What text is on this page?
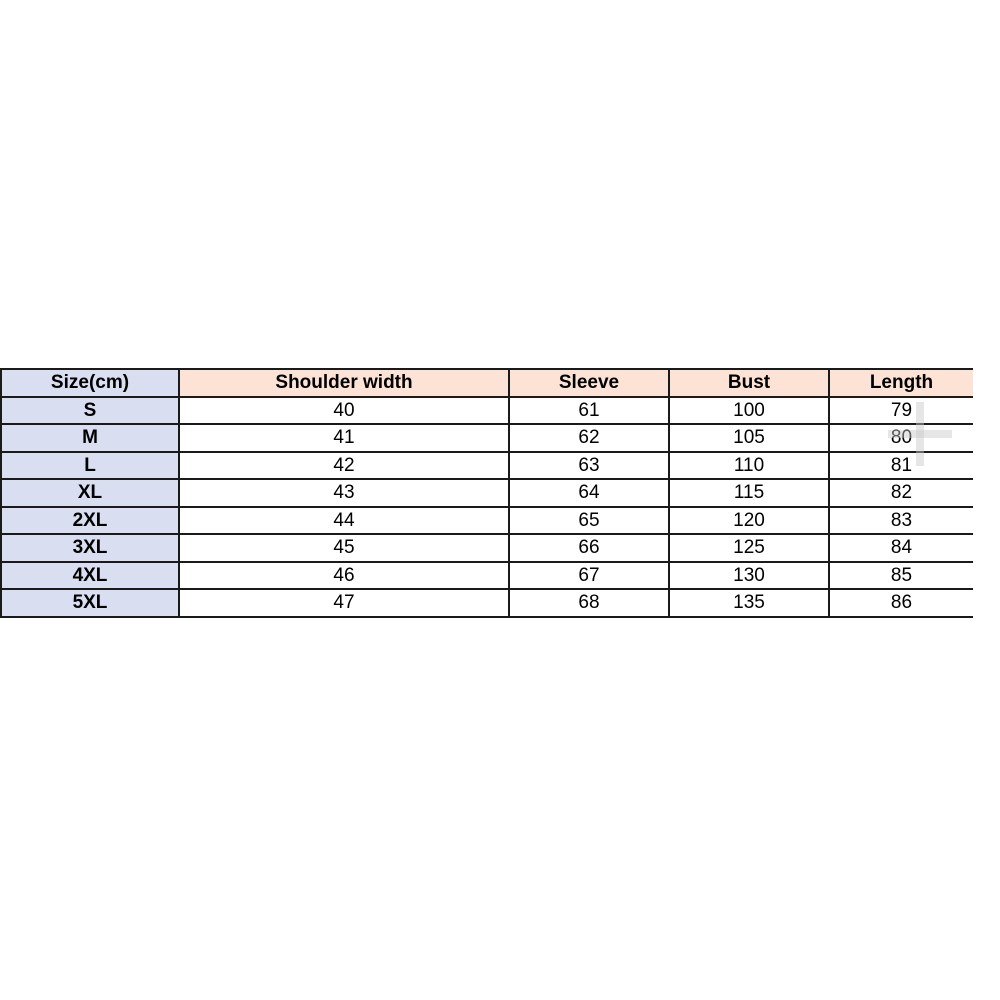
Size(cm)	Shoulder width	Sleeve	Bust	Length
S	40	61	100	79
M	41	62	105	80
L	42	63	110	81
XL	43	64	115	82
2XL	44	65	120	83
3XL	45	66	125	84
4XL	46	67	130	85
5XL	47	68	135	86
